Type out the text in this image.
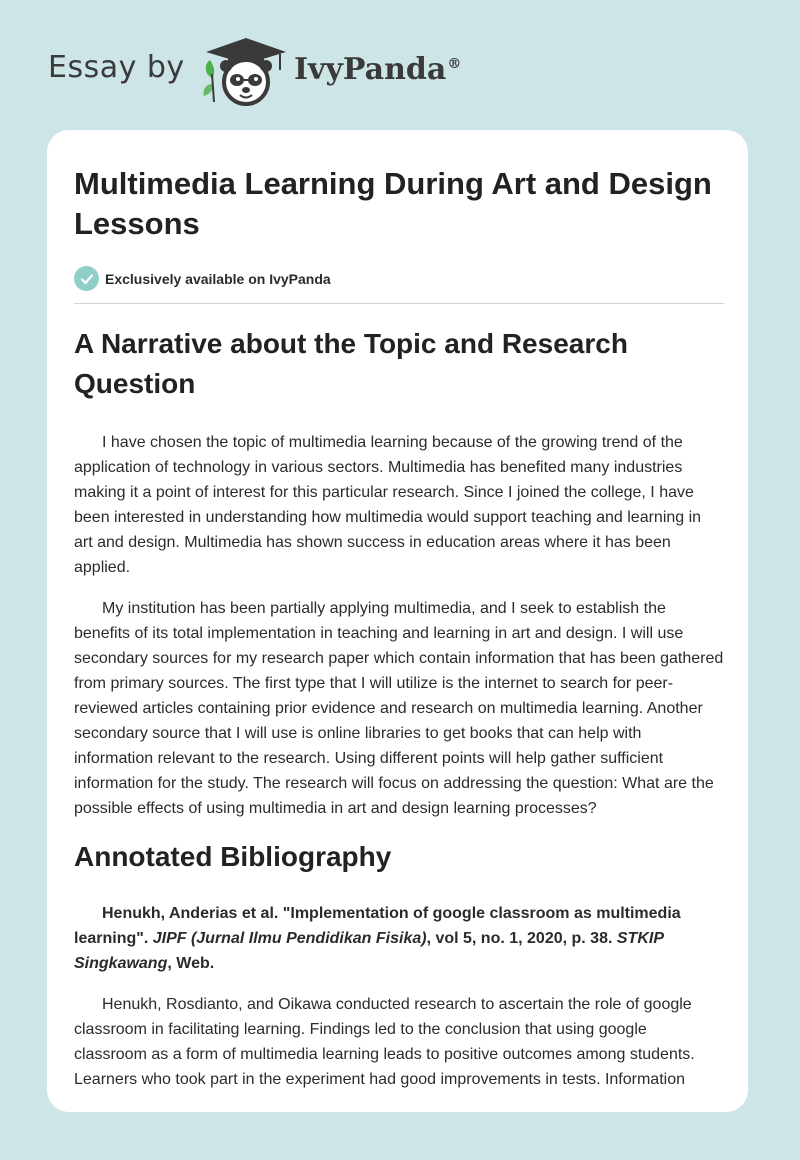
Essay by	IvyPanda®
Multimedia Learning During Art and Design Lessons
Exclusively available on IvyPanda
A Narrative about the Topic and Research Question

I have chosen the topic of multimedia learning because of the growing trend of the application of technology in various sectors. Multimedia has benefited many industries making it a point of interest for this particular research. Since I joined the college, I have been interested in understanding how multimedia would support teaching and learning in art and design. Multimedia has shown success in education areas where it has been applied.

My institution has been partially applying multimedia, and I seek to establish the benefits of its total implementation in teaching and learning in art and design. I will use secondary sources for my research paper which contain information that has been gathered from primary sources. The first type that I will utilize is the internet to search for peer-reviewed articles containing prior evidence and research on multimedia learning. Another secondary source that I will use is online libraries to get books that can help with information relevant to the research. Using different points will help gather sufficient information for the study. The research will focus on addressing the question: What are the possible effects of using multimedia in art and design learning processes?

Annotated Bibliography

Henukh, Anderias et al. "Implementation of google classroom as multimedia learning". JIPF (Jurnal Ilmu Pendidikan Fisika), vol 5, no. 1, 2020, p. 38. STKIP Singkawang, Web.

Henukh, Rosdianto, and Oikawa conducted research to ascertain the role of google classroom in facilitating learning. Findings led to the conclusion that using google classroom as a form of multimedia learning leads to positive outcomes among students. Learners who took part in the experiment had good improvements in tests. Information
